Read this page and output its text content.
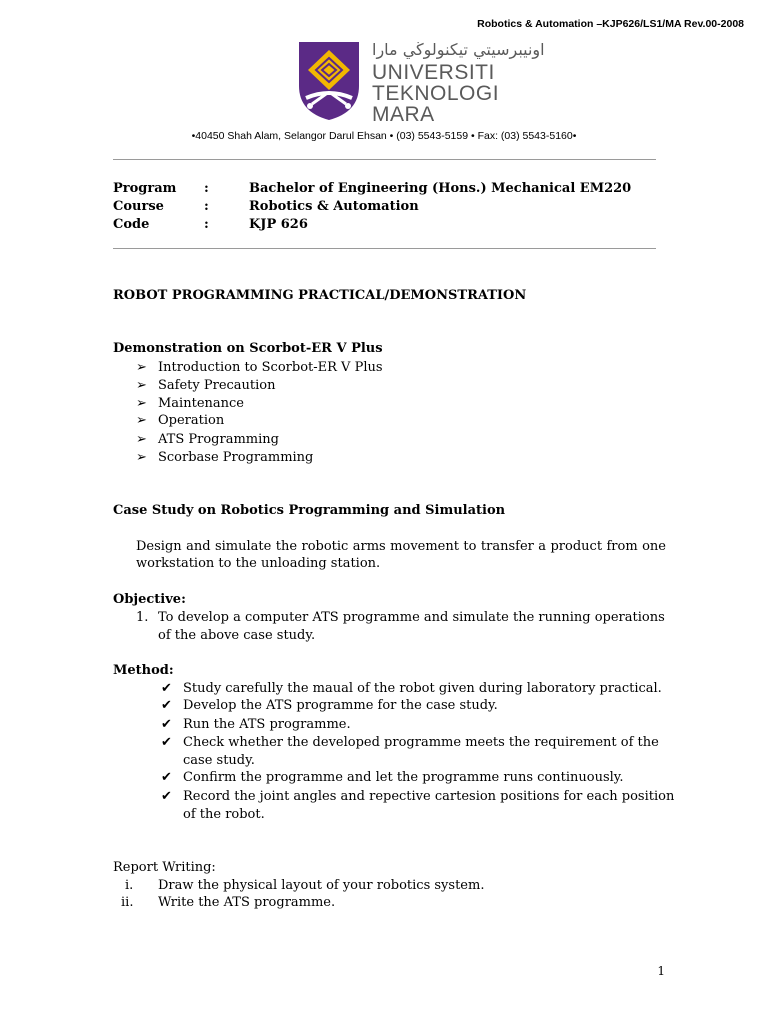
Robotics & Automation –KJP626/LS1/MA Rev.00-2008
اونيبرسيتي تيكنولوڬي مارا
UNIVERSITI
TEKNOLOGI
MARA
•40450 Shah Alam, Selangor Darul Ehsan • (03) 5543-5159 • Fax: (03) 5543-5160•
Program :	Bachelor of Engineering (Hons.) Mechanical EM220
Course	:	Robotics & Automation
Code	:	KJP 626
ROBOT PROGRAMMING PRACTICAL/DEMONSTRATION
Demonstration on Scorbot-ER V Plus
➢ Introduction to Scorbot-ER V Plus
➢ Safety Precaution
➢ Maintenance
➢ Operation
➢ ATS Programming
➢ Scorbase Programming
Case Study on Robotics Programming and Simulation
Design and simulate the robotic arms movement to transfer a product from one
workstation to the unloading station.
Objective:
1. To develop a computer ATS programme and simulate the running operations
of the above case study.
Method:
✔ Study carefully the maual of the robot given during laboratory practical.
✔ Develop the ATS programme for the case study.
✔ Run the ATS programme.
✔ Check whether the developed programme meets the requirement of the
case study.
✔ Confirm the programme and let the programme runs continuously.
✔ Record the joint angles and repective cartesion positions for each position
of the robot.
Report Writing:
i. Draw the physical layout of your robotics system.
ii. Write the ATS programme.
1
